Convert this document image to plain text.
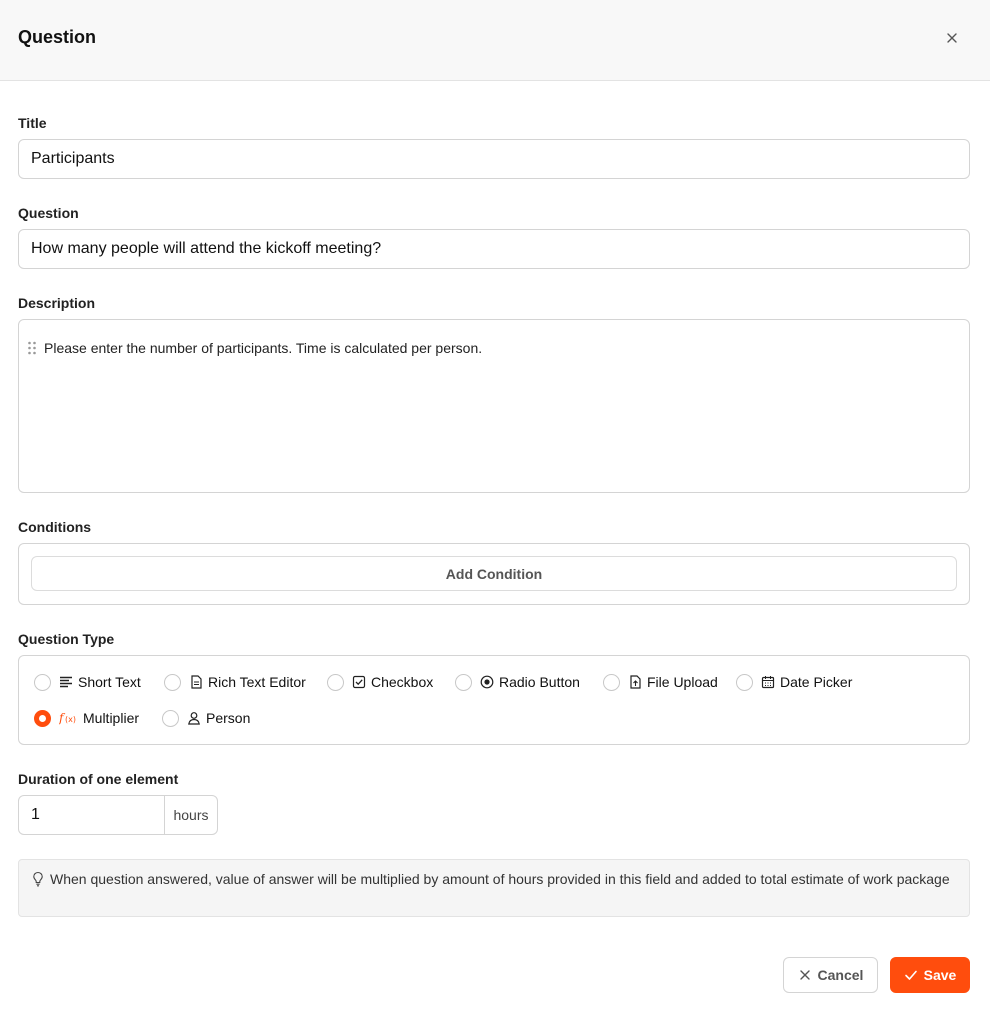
Question
Title
Participants
Question
How many people will attend the kickoff meeting?
Description
Please enter the number of participants. Time is calculated per person.
Conditions
Add Condition
Question Type
Short Text	Rich Text Editor	Checkbox	Radio Button	File Upload	Date Picker
f (x) Multiplier	Person
Duration of one element
1	hours
When question answered, value of answer will be multiplied by amount of hours provided in this field and added to total estimate of work package
Cancel	Save
